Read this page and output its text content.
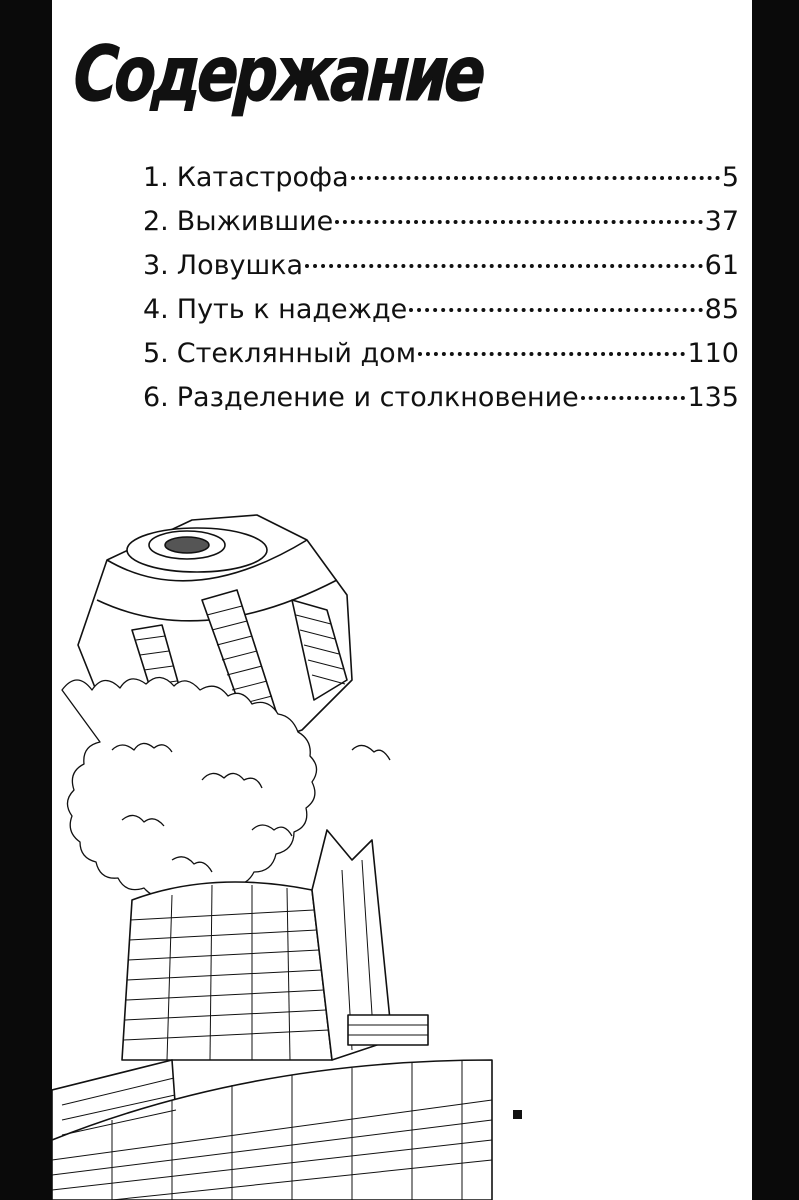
Содержание
1. Катастрофа	5
2. Выжившие	37
3. Ловушка	61
4. Путь к надежде	85
5. Стеклянный дом	110
6. Разделение и столкновение	135
